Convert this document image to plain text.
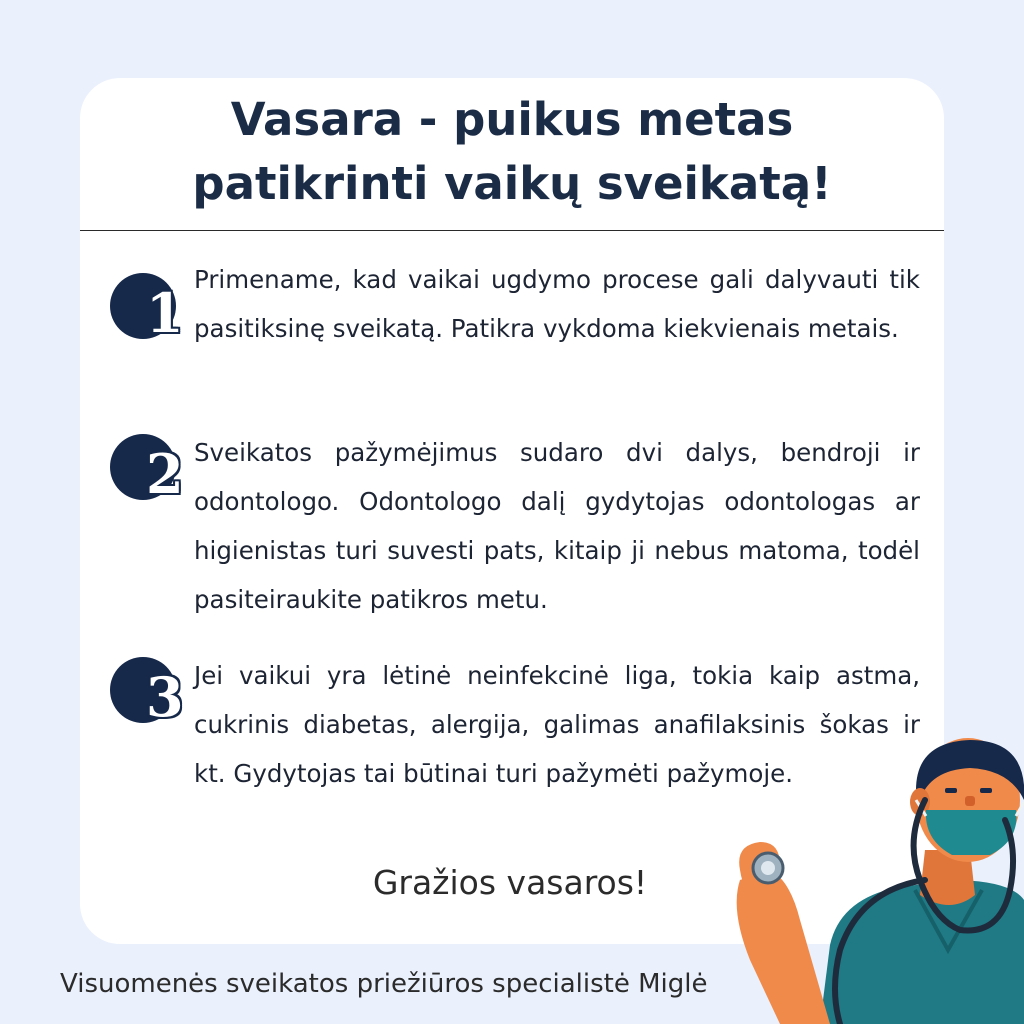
Vasara - puikus metas
patikrinti vaikų sveikatą!
1

Primename, kad vaikai ugdymo procese gali dalyvauti tik pasitiksinę sveikatą. Patikra vykdoma kiekvienais metais.

2 Sveikatos pažymėjimus sudaro dvi dalys, bendroji ir odontologo. Odontologo dalį gydytojas odontologas ar higienistas turi suvesti pats, kitaip ji nebus matoma, todėl pasiteiraukite patikros metu.

3 Jei vaikui yra lėtinė neinfekcinė liga, tokia kaip astma, cukrinis diabetas, alergija, galimas anafilaksinis šokas ir kt. Gydytojas tai būtinai turi pažymėti pažymoje.

Gražios vasaros!
Visuomenės sveikatos priežiūros specialistė Miglė
